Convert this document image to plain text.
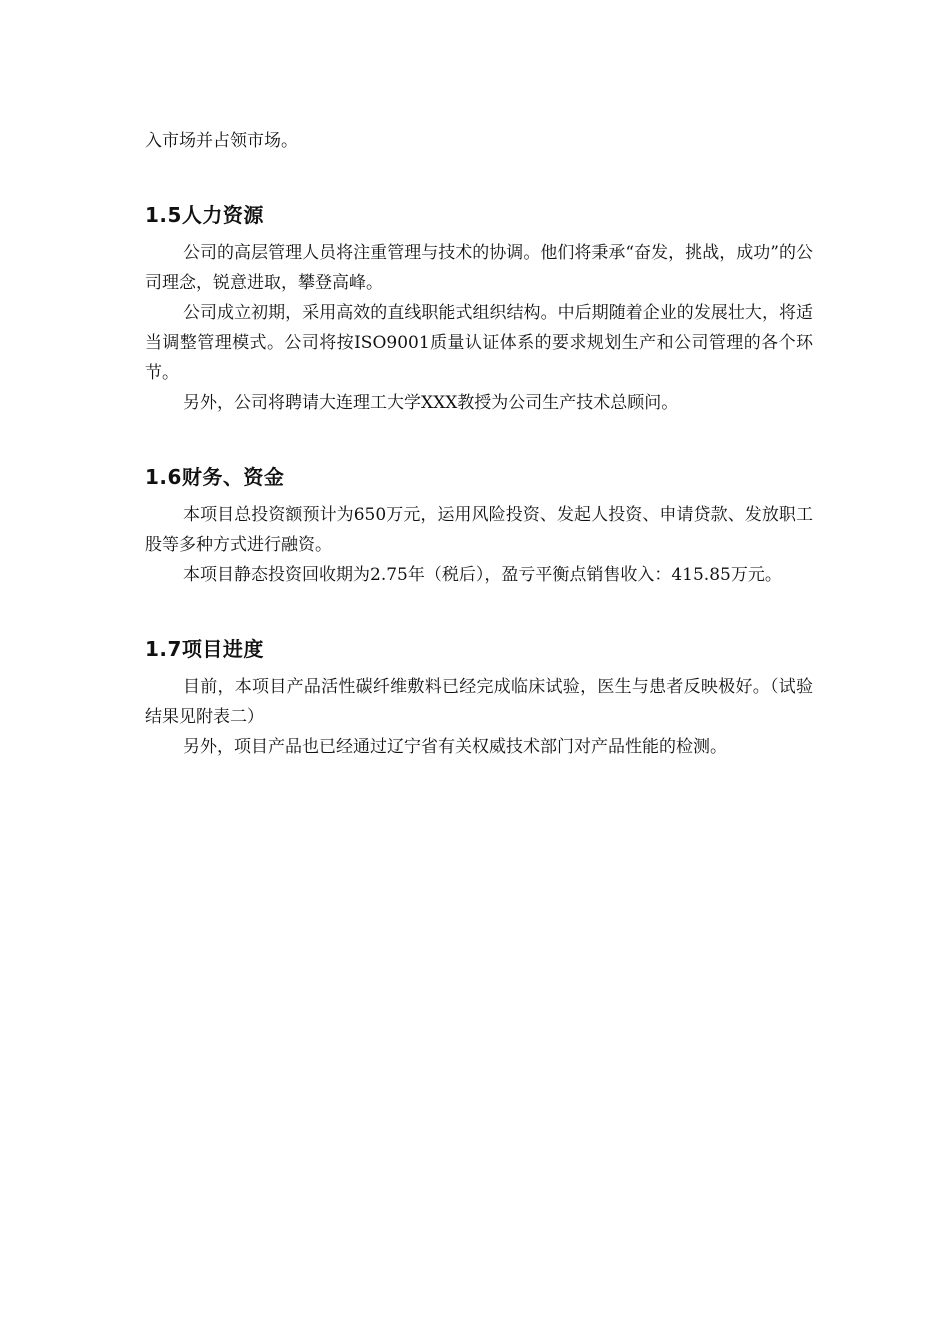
入市场并占领市场。

1.5人力资源

公司的高层管理人员将注重管理与技术的协调。他们将秉承“奋发，挑战，成功”的公司理念，锐意进取，攀登高峰。

公司成立初期，采用高效的直线职能式组织结构。中后期随着企业的发展壮大，将适当调整管理模式。公司将按ISO9001质量认证体系的要求规划生产和公司管理的各个环节。

另外，公司将聘请大连理工大学XXX教授为公司生产技术总顾问。

1.6财务、资金

本项目总投资额预计为650万元，运用风险投资、发起人投资、申请贷款、发放职工股等多种方式进行融资。

本项目静态投资回收期为2.75年（税后），盈亏平衡点销售收入：415.85万元。

1.7项目进度

目前，本项目产品活性碳纤维敷料已经完成临床试验，医生与患者反映极好。（试验结果见附表二）

另外，项目产品也已经通过辽宁省有关权威技术部门对产品性能的检测。
